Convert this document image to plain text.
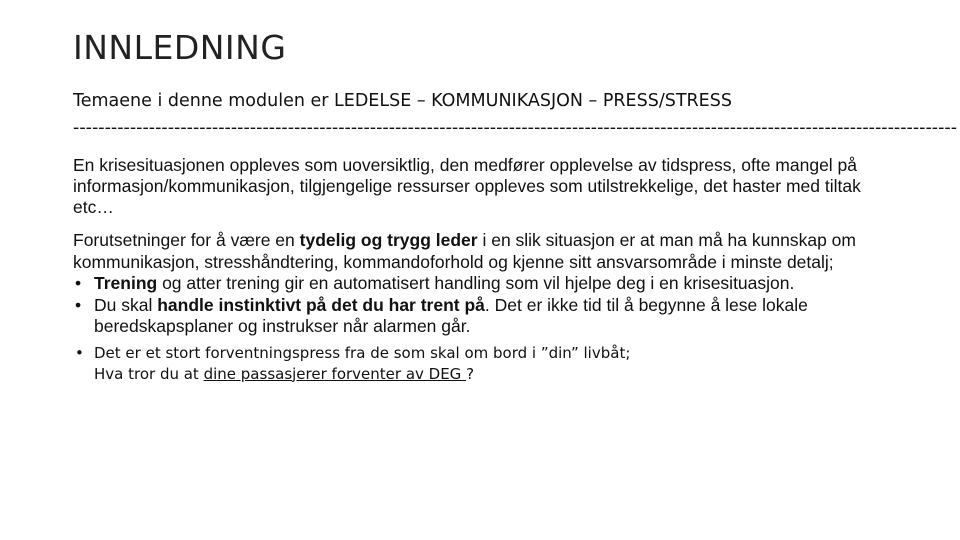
INNLEDNING
Temaene i denne modulen er LEDELSE – KOMMUNIKASJON – PRESS/STRESS
--------------------------------------------------------------------------------------------------------------------------------------------
En krisesituasjonen oppleves som uoversiktlig, den medfører opplevelse av tidspress, ofte mangel på informasjon/kommunikasjon, tilgjengelige ressurser oppleves som utilstrekkelige, det haster med tiltak etc…

Forutsetninger for å være en tydelig og trygg leder i en slik situasjon er at man må ha kunnskap om kommunikasjon, stresshåndtering, kommandoforhold og kjenne sitt ansvarsområde i minste detalj;

• Trening og atter trening gir en automatisert handling som vil hjelpe deg i en krisesituasjon.
• Du skal handle instinktivt på det du har trent på. Det er ikke tid til å begynne å lese lokale beredskapsplaner og instrukser når alarmen går.
• Det er et stort forventningspress fra de som skal om bord i ”din” livbåt;
Hva tror du at dine passasjerer forventer av DEG ?
